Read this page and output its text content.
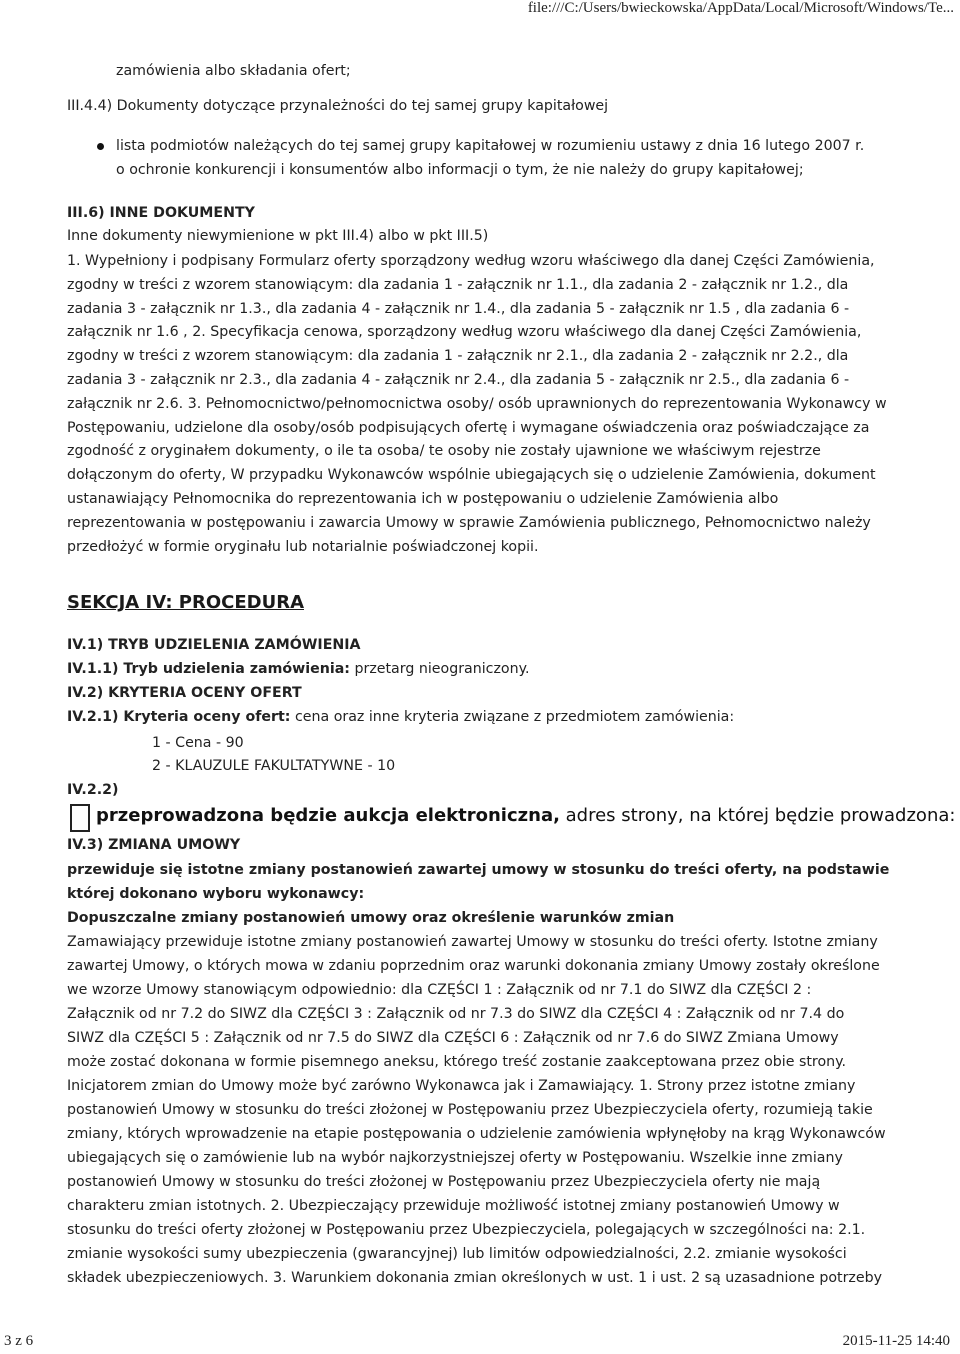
file:///C:/Users/bwieckowska/AppData/Local/Microsoft/Windows/Te...
zamówienia albo składania ofert;
III.4.4) Dokumenty dotyczące przynależności do tej samej grupy kapitałowej
lista podmiotów należących do tej samej grupy kapitałowej w rozumieniu ustawy z dnia 16 lutego 2007 r.
o ochronie konkurencji i konsumentów albo informacji o tym, że nie należy do grupy kapitałowej;
III.6) INNE DOKUMENTY
Inne dokumenty niewymienione w pkt III.4) albo w pkt III.5)
1. Wypełniony i podpisany Formularz oferty sporządzony według wzoru właściwego dla danej Części Zamówienia,
zgodny w treści z wzorem stanowiącym: dla zadania 1 - załącznik nr 1.1., dla zadania 2 - załącznik nr 1.2., dla
zadania 3 - załącznik nr 1.3., dla zadania 4 - załącznik nr 1.4., dla zadania 5 - załącznik nr 1.5 , dla zadania 6 -
załącznik nr 1.6 , 2. Specyfikacja cenowa, sporządzony według wzoru właściwego dla danej Części Zamówienia,
zgodny w treści z wzorem stanowiącym: dla zadania 1 - załącznik nr 2.1., dla zadania 2 - załącznik nr 2.2., dla
zadania 3 - załącznik nr 2.3., dla zadania 4 - załącznik nr 2.4., dla zadania 5 - załącznik nr 2.5., dla zadania 6 -
załącznik nr 2.6. 3. Pełnomocnictwo/pełnomocnictwa osoby/ osób uprawnionych do reprezentowania Wykonawcy w
Postępowaniu, udzielone dla osoby/osób podpisujących ofertę i wymagane oświadczenia oraz poświadczające za
zgodność z oryginałem dokumenty, o ile ta osoba/ te osoby nie zostały ujawnione we właściwym rejestrze
dołączonym do oferty, W przypadku Wykonawców wspólnie ubiegających się o udzielenie Zamówienia, dokument
ustanawiający Pełnomocnika do reprezentowania ich w postępowaniu o udzielenie Zamówienia albo
reprezentowania w postępowaniu i zawarcia Umowy w sprawie Zamówienia publicznego, Pełnomocnictwo należy
przedłożyć w formie oryginału lub notarialnie poświadczonej kopii.
SEKCJA IV: PROCEDURA
IV.1) TRYB UDZIELENIA ZAMÓWIENIA
IV.1.1) Tryb udzielenia zamówienia: przetarg nieograniczony.
IV.2) KRYTERIA OCENY OFERT
IV.2.1) Kryteria oceny ofert: cena oraz inne kryteria związane z przedmiotem zamówienia:
1 - Cena - 90
2 - KLAUZULE FAKULTATYWNE - 10
IV.2.2)
przeprowadzona będzie aukcja elektroniczna, adres strony, na której będzie prowadzona:
IV.3) ZMIANA UMOWY
przewiduje się istotne zmiany postanowień zawartej umowy w stosunku do treści oferty, na podstawie
której dokonano wyboru wykonawcy:
Dopuszczalne zmiany postanowień umowy oraz określenie warunków zmian
Zamawiający przewiduje istotne zmiany postanowień zawartej Umowy w stosunku do treści oferty. Istotne zmiany
zawartej Umowy, o których mowa w zdaniu poprzednim oraz warunki dokonania zmiany Umowy zostały określone
we wzorze Umowy stanowiącym odpowiednio: dla CZĘŚCI 1 : Załącznik od nr 7.1 do SIWZ dla CZĘŚCI 2 :
Załącznik od nr 7.2 do SIWZ dla CZĘŚCI 3 : Załącznik od nr 7.3 do SIWZ dla CZĘŚCI 4 : Załącznik od nr 7.4 do
SIWZ dla CZĘŚCI 5 : Załącznik od nr 7.5 do SIWZ dla CZĘŚCI 6 : Załącznik od nr 7.6 do SIWZ Zmiana Umowy
może zostać dokonana w formie pisemnego aneksu, którego treść zostanie zaakceptowana przez obie strony.
Inicjatorem zmian do Umowy może być zarówno Wykonawca jak i Zamawiający. 1. Strony przez istotne zmiany
postanowień Umowy w stosunku do treści złożonej w Postępowaniu przez Ubezpieczyciela oferty, rozumieją takie
zmiany, których wprowadzenie na etapie postępowania o udzielenie zamówienia wpłynęłoby na krąg Wykonawców
ubiegających się o zamówienie lub na wybór najkorzystniejszej oferty w Postępowaniu. Wszelkie inne zmiany
postanowień Umowy w stosunku do treści złożonej w Postępowaniu przez Ubezpieczyciela oferty nie mają
charakteru zmian istotnych. 2. Ubezpieczający przewiduje możliwość istotnej zmiany postanowień Umowy w
stosunku do treści oferty złożonej w Postępowaniu przez Ubezpieczyciela, polegających w szczególności na: 2.1.
zmianie wysokości sumy ubezpieczenia (gwarancyjnej) lub limitów odpowiedzialności, 2.2. zmianie wysokości
składek ubezpieczeniowych. 3. Warunkiem dokonania zmian określonych w ust. 1 i ust. 2 są uzasadnione potrzeby
3 z 6	2015-11-25 14:40
